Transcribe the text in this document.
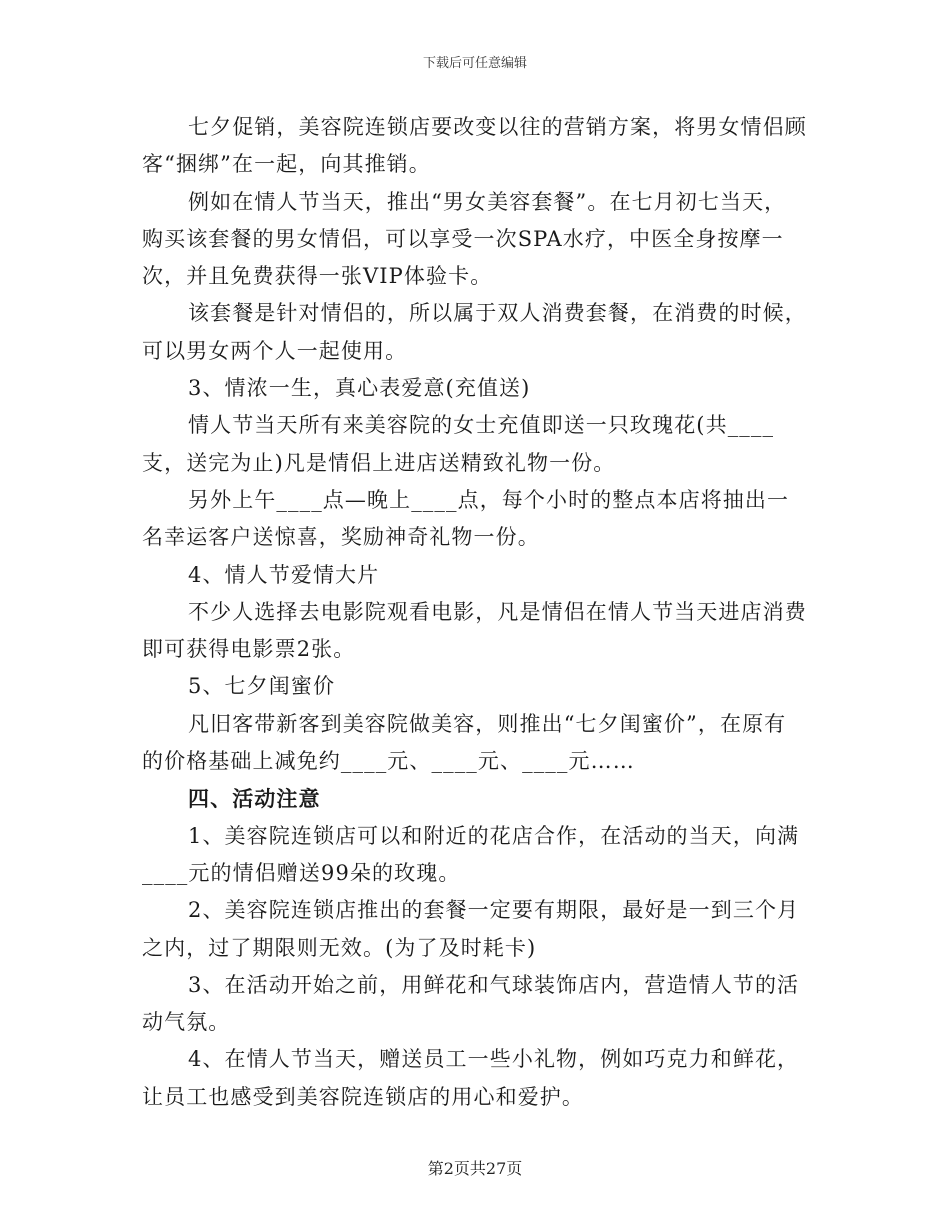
下载后可任意编辑

七夕促销，美容院连锁店要改变以往的营销方案，将男女情侣顾客“捆绑”在一起，向其推销。

例如在情人节当天，推出“男女美容套餐”。在七月初七当天，购买该套餐的男女情侣，可以享受一次SPA水疗，中医全身按摩一次，并且免费获得一张VIP体验卡。

该套餐是针对情侣的，所以属于双人消费套餐，在消费的时候，可以男女两个人一起使用。

3、情浓一生，真心表爱意(充值送)

情人节当天所有来美容院的女士充值即送一只玫瑰花(共____支，送完为止)凡是情侣上进店送精致礼物一份。

另外上午____点—晚上____点，每个小时的整点本店将抽出一名幸运客户送惊喜，奖励神奇礼物一份。

4、情人节爱情大片

不少人选择去电影院观看电影，凡是情侣在情人节当天进店消费即可获得电影票2张。

5、七夕闺蜜价

凡旧客带新客到美容院做美容，则推出“七夕闺蜜价”，在原有的价格基础上减免约____元、____元、____元……

四、活动注意

1、美容院连锁店可以和附近的花店合作，在活动的当天，向满____元的情侣赠送99朵的玫瑰。

2、美容院连锁店推出的套餐一定要有期限，最好是一到三个月之内，过了期限则无效。(为了及时耗卡)

3、在活动开始之前，用鲜花和气球装饰店内，营造情人节的活动气氛。

4、在情人节当天，赠送员工一些小礼物，例如巧克力和鲜花，让员工也感受到美容院连锁店的用心和爱护。

第2页共27页
